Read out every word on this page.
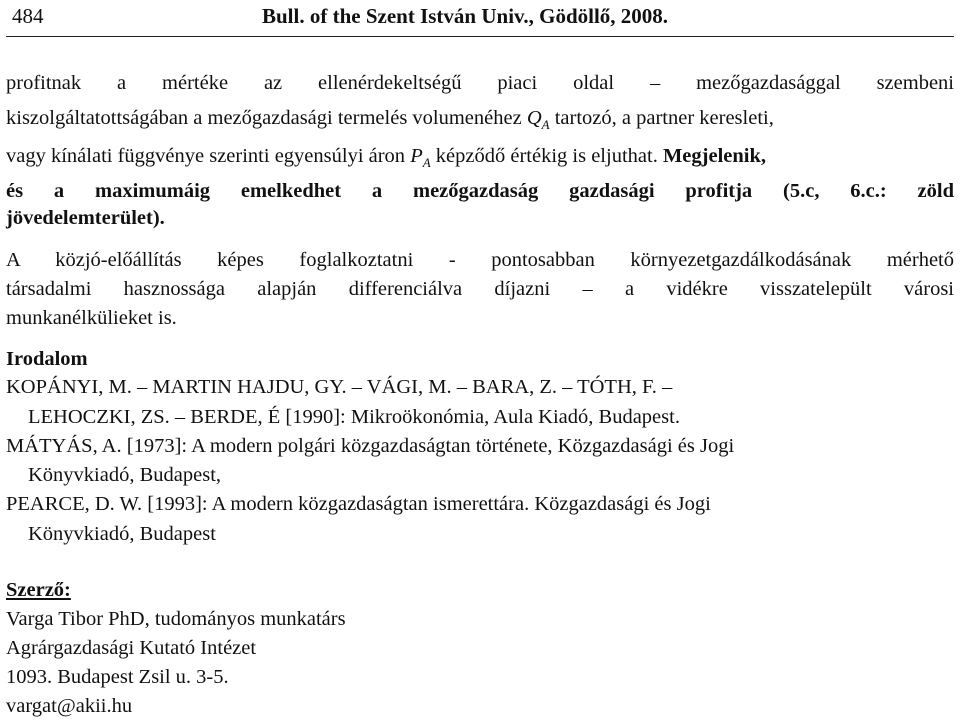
484	Bull. of the Szent István Univ., Gödöllő, 2008.
profitnak a mértéke az ellenérdekeltségű piaci oldal – mezőgazdasággal szembeni
kiszolgáltatottságában a mezőgazdasági termelés volumenéhez $Q_A$ tartozó, a partner keresleti,
vagy kínálati függvénye szerinti egyensúlyi áron $P_A$ képződő értékig is eljuthat. Megjelenik,
és a maximumáig emelkedhet a mezőgazdaság gazdasági profitja (5.c, 6.c.: zöld
jövedelemterület).
A közjó-előállítás képes foglalkoztatni - pontosabban környezetgazdálkodásának mérhető
társadalmi hasznossága alapján differenciálva díjazni – a vidékre visszatelepült városi
munkanélkülieket is.
Irodalom
KOPÁNYI, M. – MARTIN HAJDU, GY. – VÁGI, M. – BARA, Z. – TÓTH, F. –
LEHOCZKI, ZS. – BERDE, É [1990]: Mikroökonómia, Aula Kiadó, Budapest.
MÁTYÁS, A. [1973]: A modern polgári közgazdaságtan története, Közgazdasági és Jogi
Könyvkiadó, Budapest,
PEARCE, D. W. [1993]: A modern közgazdaságtan ismerettára. Közgazdasági és Jogi
Könyvkiadó, Budapest
Szerző:
Varga Tibor PhD, tudományos munkatárs
Agrárgazdasági Kutató Intézet
1093. Budapest Zsil u. 3-5.
vargat@akii.hu
